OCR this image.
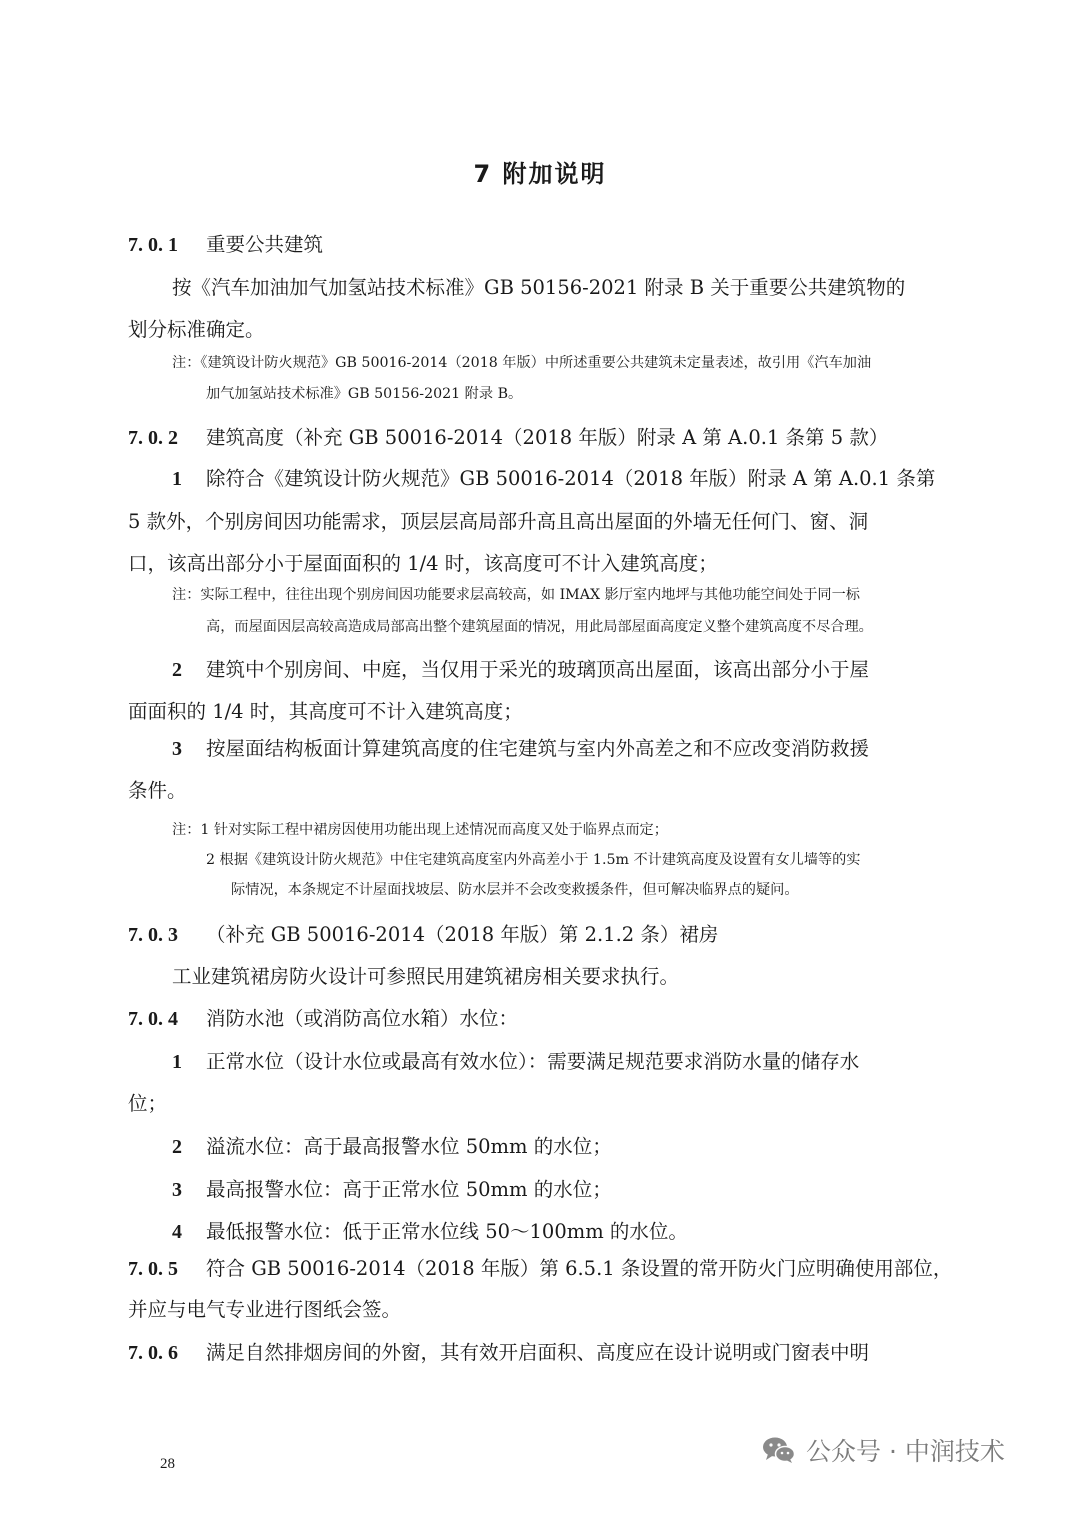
7 附加说明
7. 0. 1 重要公共建筑
按《汽车加油加气加氢站技术标准》GB 50156-2021 附录 B 关于重要公共建筑物的
划分标准确定。
注：《建筑设计防火规范》GB 50016-2014（2018 年版）中所述重要公共建筑未定量表述，故引用《汽车加油
加气加氢站技术标准》GB 50156-2021 附录 B。
7. 0. 2 建筑高度（补充 GB 50016-2014（2018 年版）附录 A 第 A.0.1 条第 5 款）
1 除符合《建筑设计防火规范》GB 50016-2014（2018 年版）附录 A 第 A.0.1 条第
5 款外，个别房间因功能需求，顶层层高局部升高且高出屋面的外墙无任何门、窗、洞
口，该高出部分小于屋面面积的 1/4 时，该高度可不计入建筑高度；
注：实际工程中，往往出现个别房间因功能要求层高较高，如 IMAX 影厅室内地坪与其他功能空间处于同一标
高，而屋面因层高较高造成局部高出整个建筑屋面的情况，用此局部屋面高度定义整个建筑高度不尽合理。
2 建筑中个别房间、中庭，当仅用于采光的玻璃顶高出屋面，该高出部分小于屋
面面积的 1/4 时，其高度可不计入建筑高度；
3 按屋面结构板面计算建筑高度的住宅建筑与室内外高差之和不应改变消防救援
条件。
注：1 针对实际工程中裙房因使用功能出现上述情况而高度又处于临界点而定；
2 根据《建筑设计防火规范》中住宅建筑高度室内外高差小于 1.5m 不计建筑高度及设置有女儿墙等的实
际情况，本条规定不计屋面找坡层、防水层并不会改变救援条件，但可解决临界点的疑问。
7. 0. 3 （补充 GB 50016-2014（2018 年版）第 2.1.2 条）裙房
工业建筑裙房防火设计可参照民用建筑裙房相关要求执行。
7. 0. 4 消防水池（或消防高位水箱）水位：
1 正常水位（设计水位或最高有效水位）：需要满足规范要求消防水量的储存水
位；
2 溢流水位：高于最高报警水位 50mm 的水位；
3 最高报警水位：高于正常水位 50mm 的水位；
4 最低报警水位：低于正常水位线 50～100mm 的水位。
7. 0. 5 符合 GB 50016-2014（2018 年版）第 6.5.1 条设置的常开防火门应明确使用部位，
并应与电气专业进行图纸会签。
7. 0. 6 满足自然排烟房间的外窗，其有效开启面积、高度应在设计说明或门窗表中明
28	公众号 · 中润技术
